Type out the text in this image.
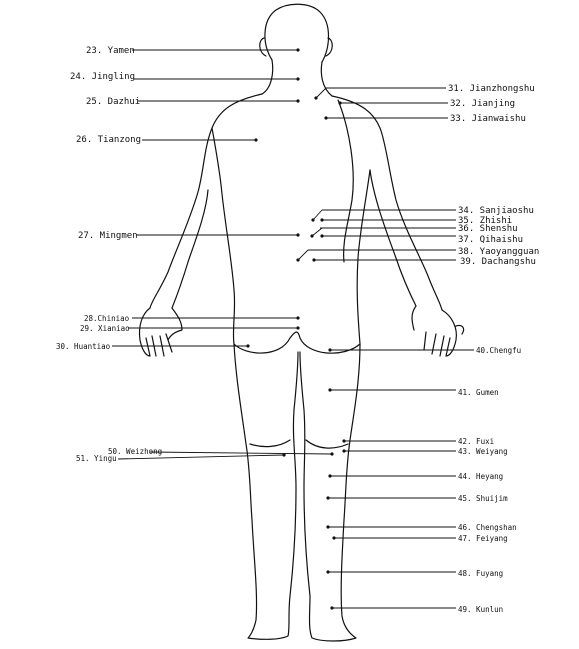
23. Yamen
24. Jingling
25. Dazhui
26. Tianzong
27. Mingmen
28.Chiniao
29. Xianiao
30. Huantiao
31. Jianzhongshu
32. Jianjing
33. Jianwaishu
34. Sanjiaoshu
35. Zhishi
36. Shenshu
37. Qihaishu
38. Yaoyangguan
39. Dachangshu
40.Chengfu
41. Gumen
42. Fuxi
43. Weiyang
44. Heyang
45. Shuijim
46. Chengshan
47. Feiyang
48. Fuyang
49. Kunlun
50. Weizhong
51. Yingu
